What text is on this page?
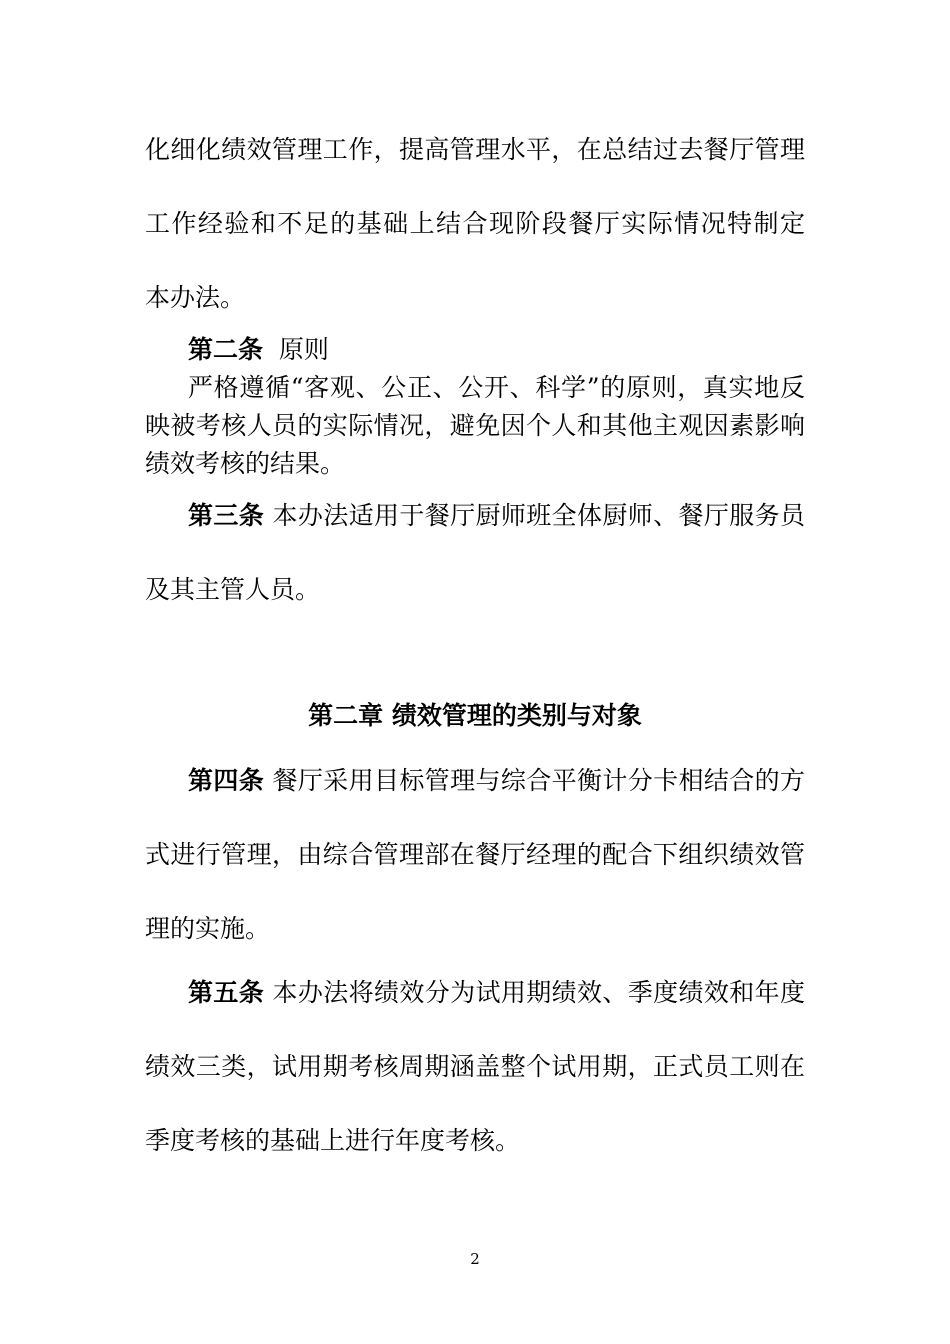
化细化绩效管理工作，提高管理水平，在总结过去餐厅管理
工作经验和不足的基础上结合现阶段餐厅实际情况特制定
本办法。
第二条 原则
严格遵循“客观、公正、公开、科学”的原则，真实地反
映被考核人员的实际情况，避免因个人和其他主观因素影响
绩效考核的结果。
第三条 本办法适用于餐厅厨师班全体厨师、餐厅服务员
及其主管人员。
第二章 绩效管理的类别与对象
第四条 餐厅采用目标管理与综合平衡计分卡相结合的方
式进行管理，由综合管理部在餐厅经理的配合下组织绩效管
理的实施。
第五条 本办法将绩效分为试用期绩效、季度绩效和年度
绩效三类，试用期考核周期涵盖整个试用期，正式员工则在
季度考核的基础上进行年度考核。
2
